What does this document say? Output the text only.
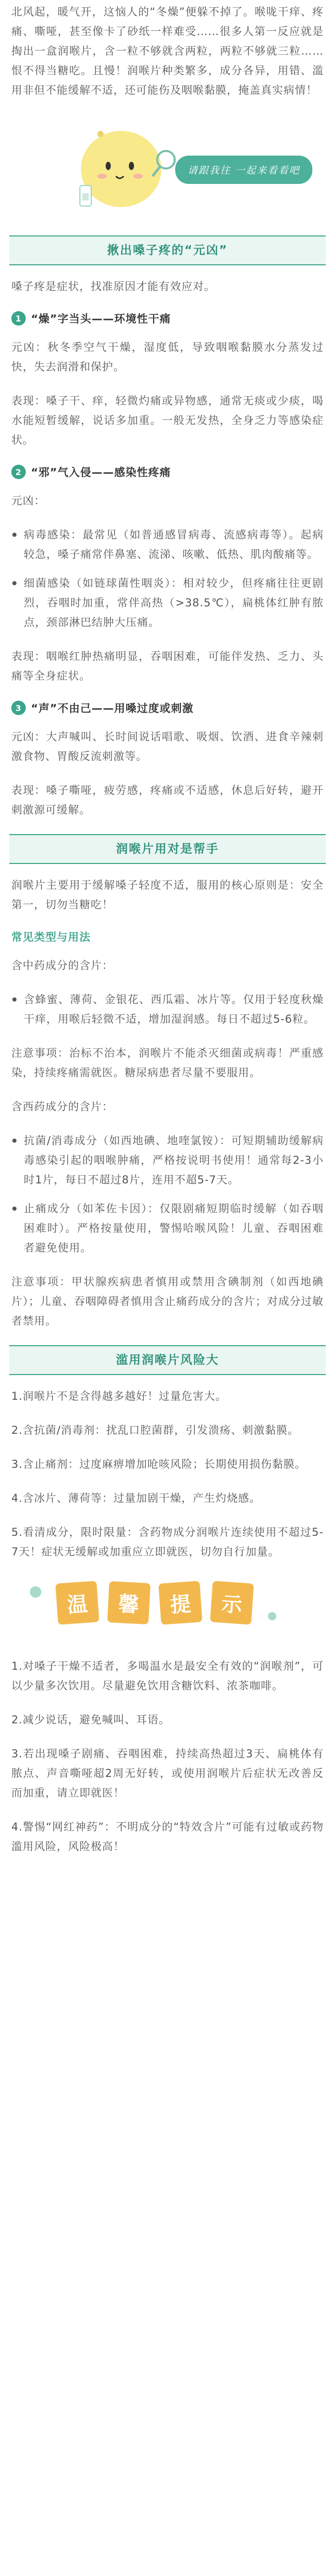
北风起，暖气开，这恼人的“冬燥”便躲不掉了。喉咙干痒、疼痛、嘶哑，甚至像卡了砂纸一样难受……很多人第一反应就是掏出一盒润喉片，含一粒不够就含两粒，两粒不够就三粒……恨不得当糖吃。且慢！润喉片种类繁多，成分各异，用错、滥用非但不能缓解不适，还可能伤及咽喉黏膜，掩盖真实病情！

请跟我往 一起来看看吧
揪出嗓子疼的“元凶”

嗓子疼是症状，找准原因才能有效应对。

1 “燥”字当头——环境性干痛

元凶：秋冬季空气干燥，湿度低，导致咽喉黏膜水分蒸发过快，失去润滑和保护。

表现：嗓子干、痒，轻微灼痛或异物感，通常无痰或少痰，喝水能短暂缓解，说话多加重。一般无发热，全身乏力等感染症状。

2 “邪”气入侵——感染性疼痛

元凶：

病毒感染：最常见（如普通感冒病毒、流感病毒等）。起病较急，嗓子痛常伴鼻塞、流涕、咳嗽、低热、肌肉酸痛等。
细菌感染（如链球菌性咽炎）：相对较少，但疼痛往往更剧烈，吞咽时加重，常伴高热（>38.5℃），扁桃体红肿有脓点，颈部淋巴结肿大压痛。

表现：咽喉红肿热痛明显，吞咽困难，可能伴发热、乏力、头痛等全身症状。

3 “声”不由己——用嗓过度或刺激

元凶：大声喊叫、长时间说话唱歌、吸烟、饮酒、进食辛辣刺激食物、胃酸反流刺激等。

表现：嗓子嘶哑，疲劳感，疼痛或不适感，休息后好转，避开刺激源可缓解。

润喉片用对是帮手

润喉片主要用于缓解嗓子轻度不适，服用的核心原则是：安全第一，切勿当糖吃！

常见类型与用法

含中药成分的含片：

含蜂蜜、薄荷、金银花、西瓜霜、冰片等。仅用于轻度秋燥干痒，用喉后轻微不适，增加湿润感。每日不超过5-6粒。

注意事项：治标不治本，润喉片不能杀灭细菌或病毒！严重感染，持续疼痛需就医。糖尿病患者尽量不要服用。

含西药成分的含片：

抗菌/消毒成分（如西地碘、地喹氯铵）：可短期辅助缓解病毒感染引起的咽喉肿痛，严格按说明书使用！通常每2-3小时1片，每日不超过8片，连用不超5-7天。
止痛成分（如苯佐卡因）：仅限剧痛短期临时缓解（如吞咽困难时）。严格按量使用，警惕哈喉风险！儿童、吞咽困难者避免使用。

注意事项：甲状腺疾病患者慎用或禁用含碘制剂（如西地碘片）；儿童、吞咽障碍者慎用含止痛药成分的含片；对成分过敏者禁用。

滥用润喉片风险大

1.润喉片不是含得越多越好！过量危害大。

2.含抗菌/消毒剂：扰乱口腔菌群，引发溃疡、刺激黏膜。

3.含止痛剂：过度麻痹增加呛咳风险；长期使用损伤黏膜。

4.含冰片、薄荷等：过量加剧干燥，产生灼烧感。

5.看清成分，限时限量：含药物成分润喉片连续使用不超过5-7天！症状无缓解或加重应立即就医，切勿自行加量。

温	馨	提	示

1.对嗓子干燥不适者，多喝温水是最安全有效的“润喉剂”，可以少量多次饮用。尽量避免饮用含糖饮料、浓茶咖啡。

2.减少说话，避免喊叫、耳语。

3.若出现嗓子剧痛、吞咽困难，持续高热超过3天、扁桃体有脓点、声音嘶哑超2周无好转，或使用润喉片后症状无改善反而加重，请立即就医！

4.警惕“网红神药”：不明成分的“特效含片”可能有过敏或药物滥用风险，风险极高！
